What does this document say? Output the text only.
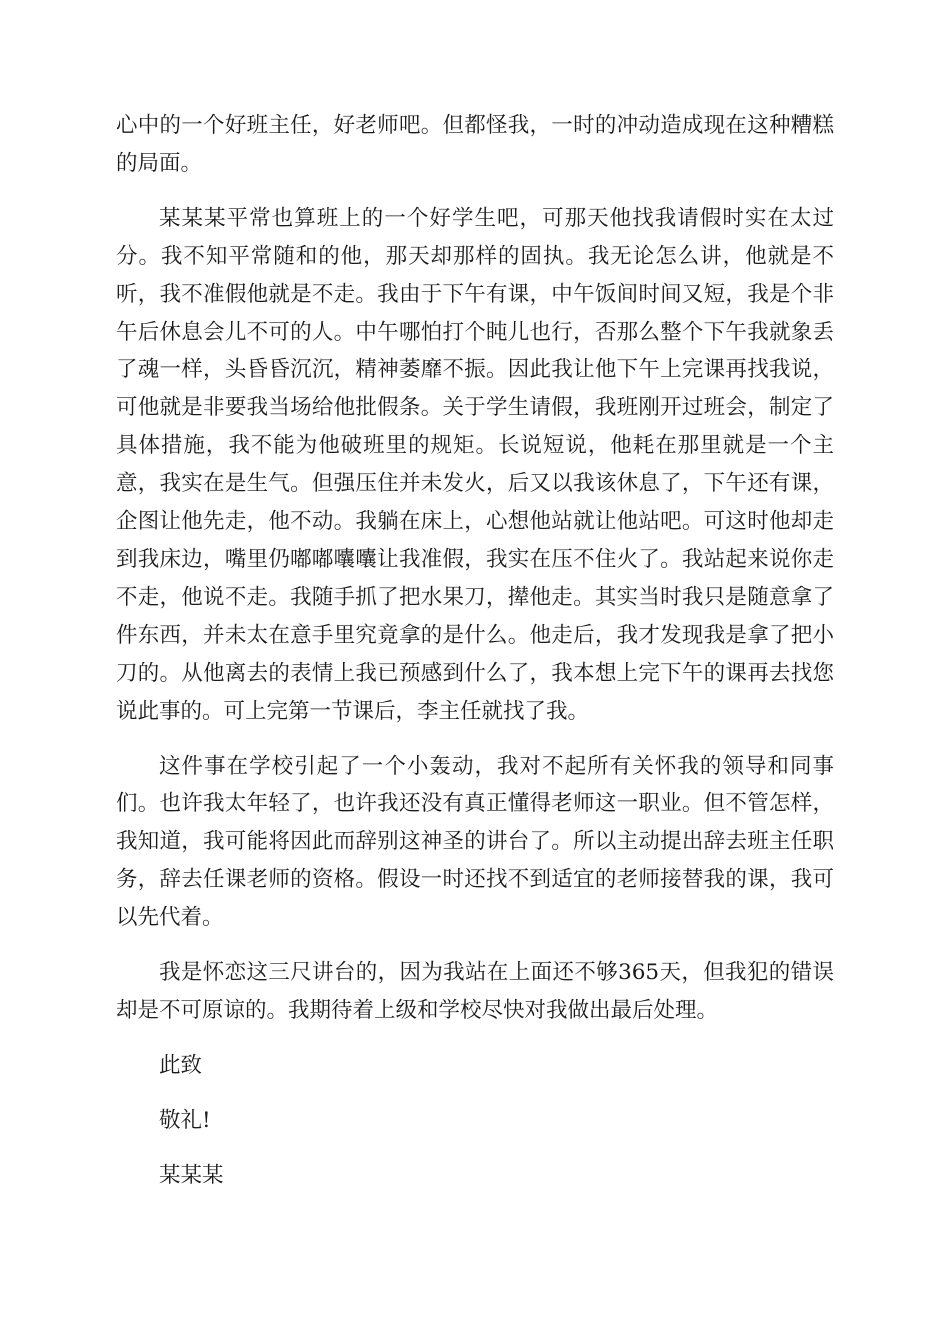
心中的一个好班主任，好老师吧。但都怪我，一时的冲动造成现在这种糟糕的局面。

某某某平常也算班上的一个好学生吧，可那天他找我请假时实在太过分。我不知平常随和的他，那天却那样的固执。我无论怎么讲，他就是不听，我不准假他就是不走。我由于下午有课，中午饭间时间又短，我是个非午后休息会儿不可的人。中午哪怕打个盹儿也行，否那么整个下午我就象丢了魂一样，头昏昏沉沉，精神萎靡不振。因此我让他下午上完课再找我说，可他就是非要我当场给他批假条。关于学生请假，我班刚开过班会，制定了具体措施，我不能为他破班里的规矩。长说短说，他耗在那里就是一个主意，我实在是生气。但强压住并未发火，后又以我该休息了，下午还有课，企图让他先走，他不动。我躺在床上，心想他站就让他站吧。可这时他却走到我床边，嘴里仍嘟嘟囔囔让我准假，我实在压不住火了。我站起来说你走不走，他说不走。我随手抓了把水果刀，撵他走。其实当时我只是随意拿了件东西，并未太在意手里究竟拿的是什么。他走后，我才发现我是拿了把小刀的。从他离去的表情上我已预感到什么了，我本想上完下午的课再去找您说此事的。可上完第一节课后，李主任就找了我。

这件事在学校引起了一个小轰动，我对不起所有关怀我的领导和同事们。也许我太年轻了，也许我还没有真正懂得老师这一职业。但不管怎样，我知道，我可能将因此而辞别这神圣的讲台了。所以主动提出辞去班主任职务，辞去任课老师的资格。假设一时还找不到适宜的老师接替我的课，我可以先代着。

我是怀恋这三尺讲台的，因为我站在上面还不够365天，但我犯的错误却是不可原谅的。我期待着上级和学校尽快对我做出最后处理。

此致
敬礼!
某某某
